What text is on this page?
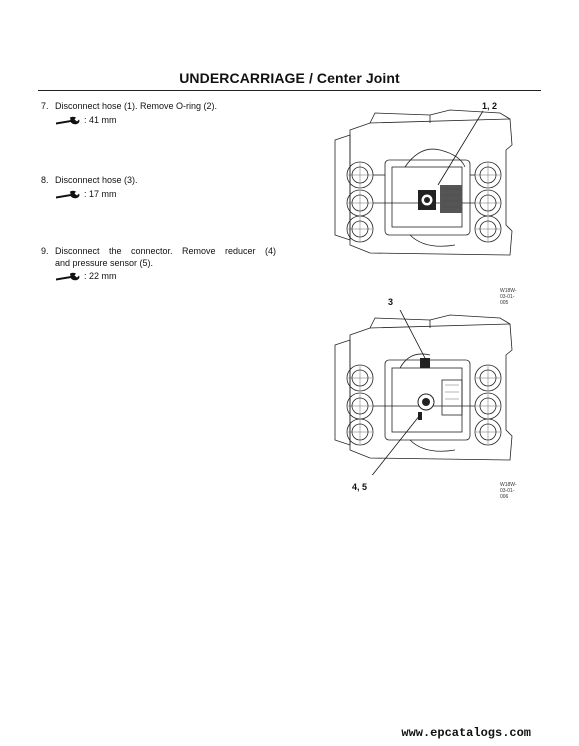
UNDERCARRIAGE / Center Joint
7. Disconnect hose (1). Remove O-ring (2).
: 41 mm
8. Disconnect hose (3).
: 17 mm
9. Disconnect the connector. Remove reducer (4)
and pressure sensor (5).
: 22 mm
1, 2
W18W-03-01-005
3
4, 5	W18W-03-01-006
www.epcatalogs.com
